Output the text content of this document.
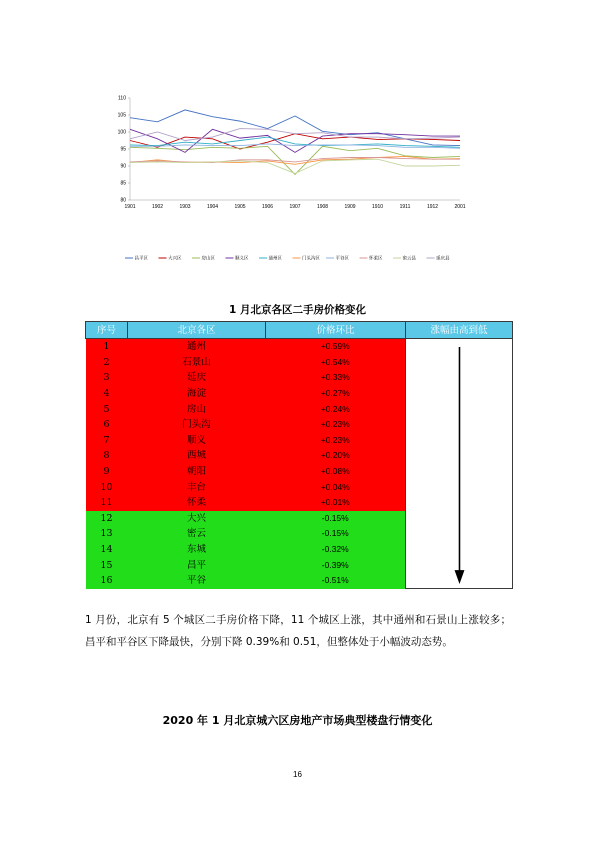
80
85
90
95
100
105
110
1901	1902	1903	1904	1905	1906	1907	1908	1909	1910	1911	1912	2001
昌平区	大兴区	房山区	顺义区	通州区	门头沟区	平谷区	怀柔区	密云县	延庆县
1 月北京各区二手房价格变化
序号	北京各区	价格环比	涨幅由高到低
1	通州	+0.59%	

2	石景山	+0.54%	
3	延庆	+0.33%	
4	海淀	+0.27%	
5	房山	+0.24%	
6	门头沟	+0.23%	
7	顺义	+0.23%	
8	西城	+0.20%	
9	朝阳	+0.08%	
10	丰台	+0.04%	
11	怀柔	+0.01%	
12	大兴	-0.15%	
13	密云	-0.15%	
14	东城	-0.32%	
15	昌平	-0.39%	
16	平谷	-0.51%	

1 月份，北京有 5 个城区二手房价格下降，11 个城区上涨，其中通州和石景山上涨较多；昌平和平谷区下降最快，分别下降 0.39%和 0.51，但整体处于小幅波动态势。

2020 年 1 月北京城六区房地产市场典型楼盘行情变化
16
